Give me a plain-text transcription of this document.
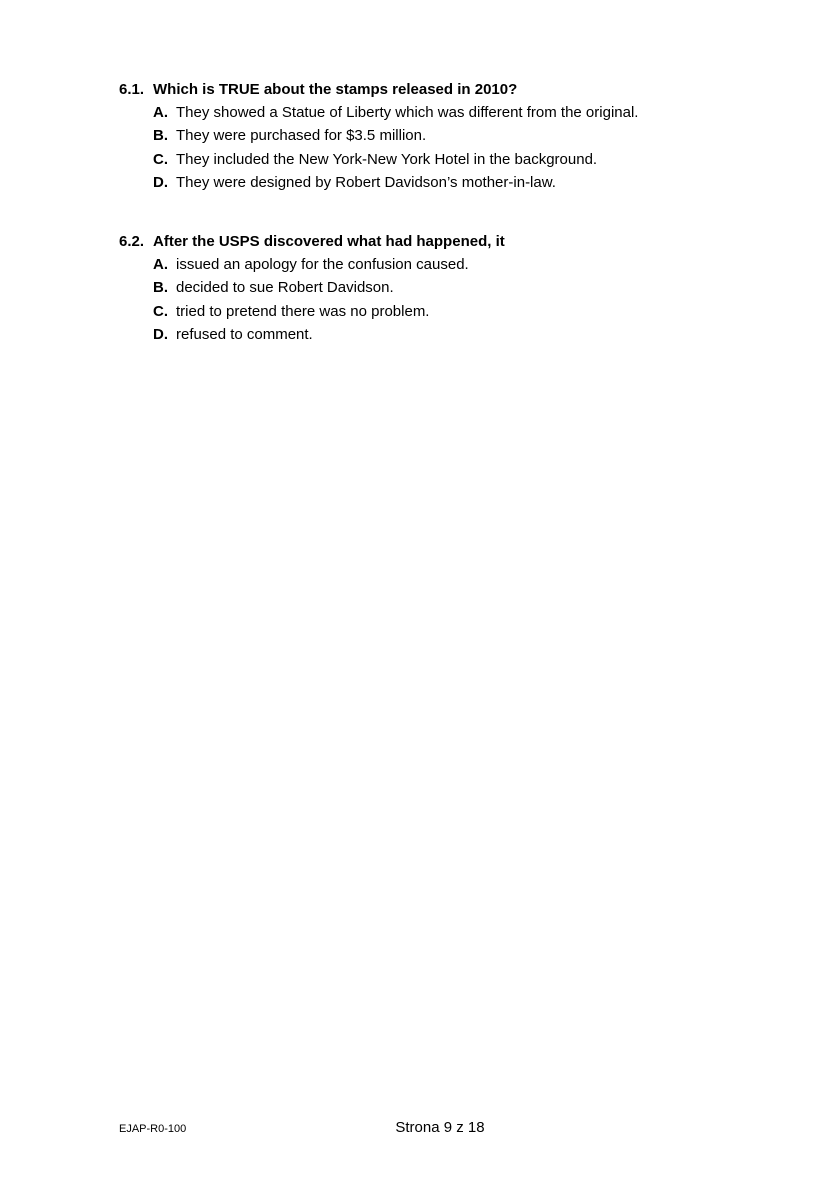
6.1. Which is TRUE about the stamps released in 2010?
A. They showed a Statue of Liberty which was different from the original.
B. They were purchased for $3.5 million.
C. They included the New York-New York Hotel in the background.
D. They were designed by Robert Davidson’s mother-in-law.
6.2. After the USPS discovered what had happened, it
A. issued an apology for the confusion caused.
B. decided to sue Robert Davidson.
C. tried to pretend there was no problem.
D. refused to comment.
EJAP-R0-100	Strona 9 z 18
